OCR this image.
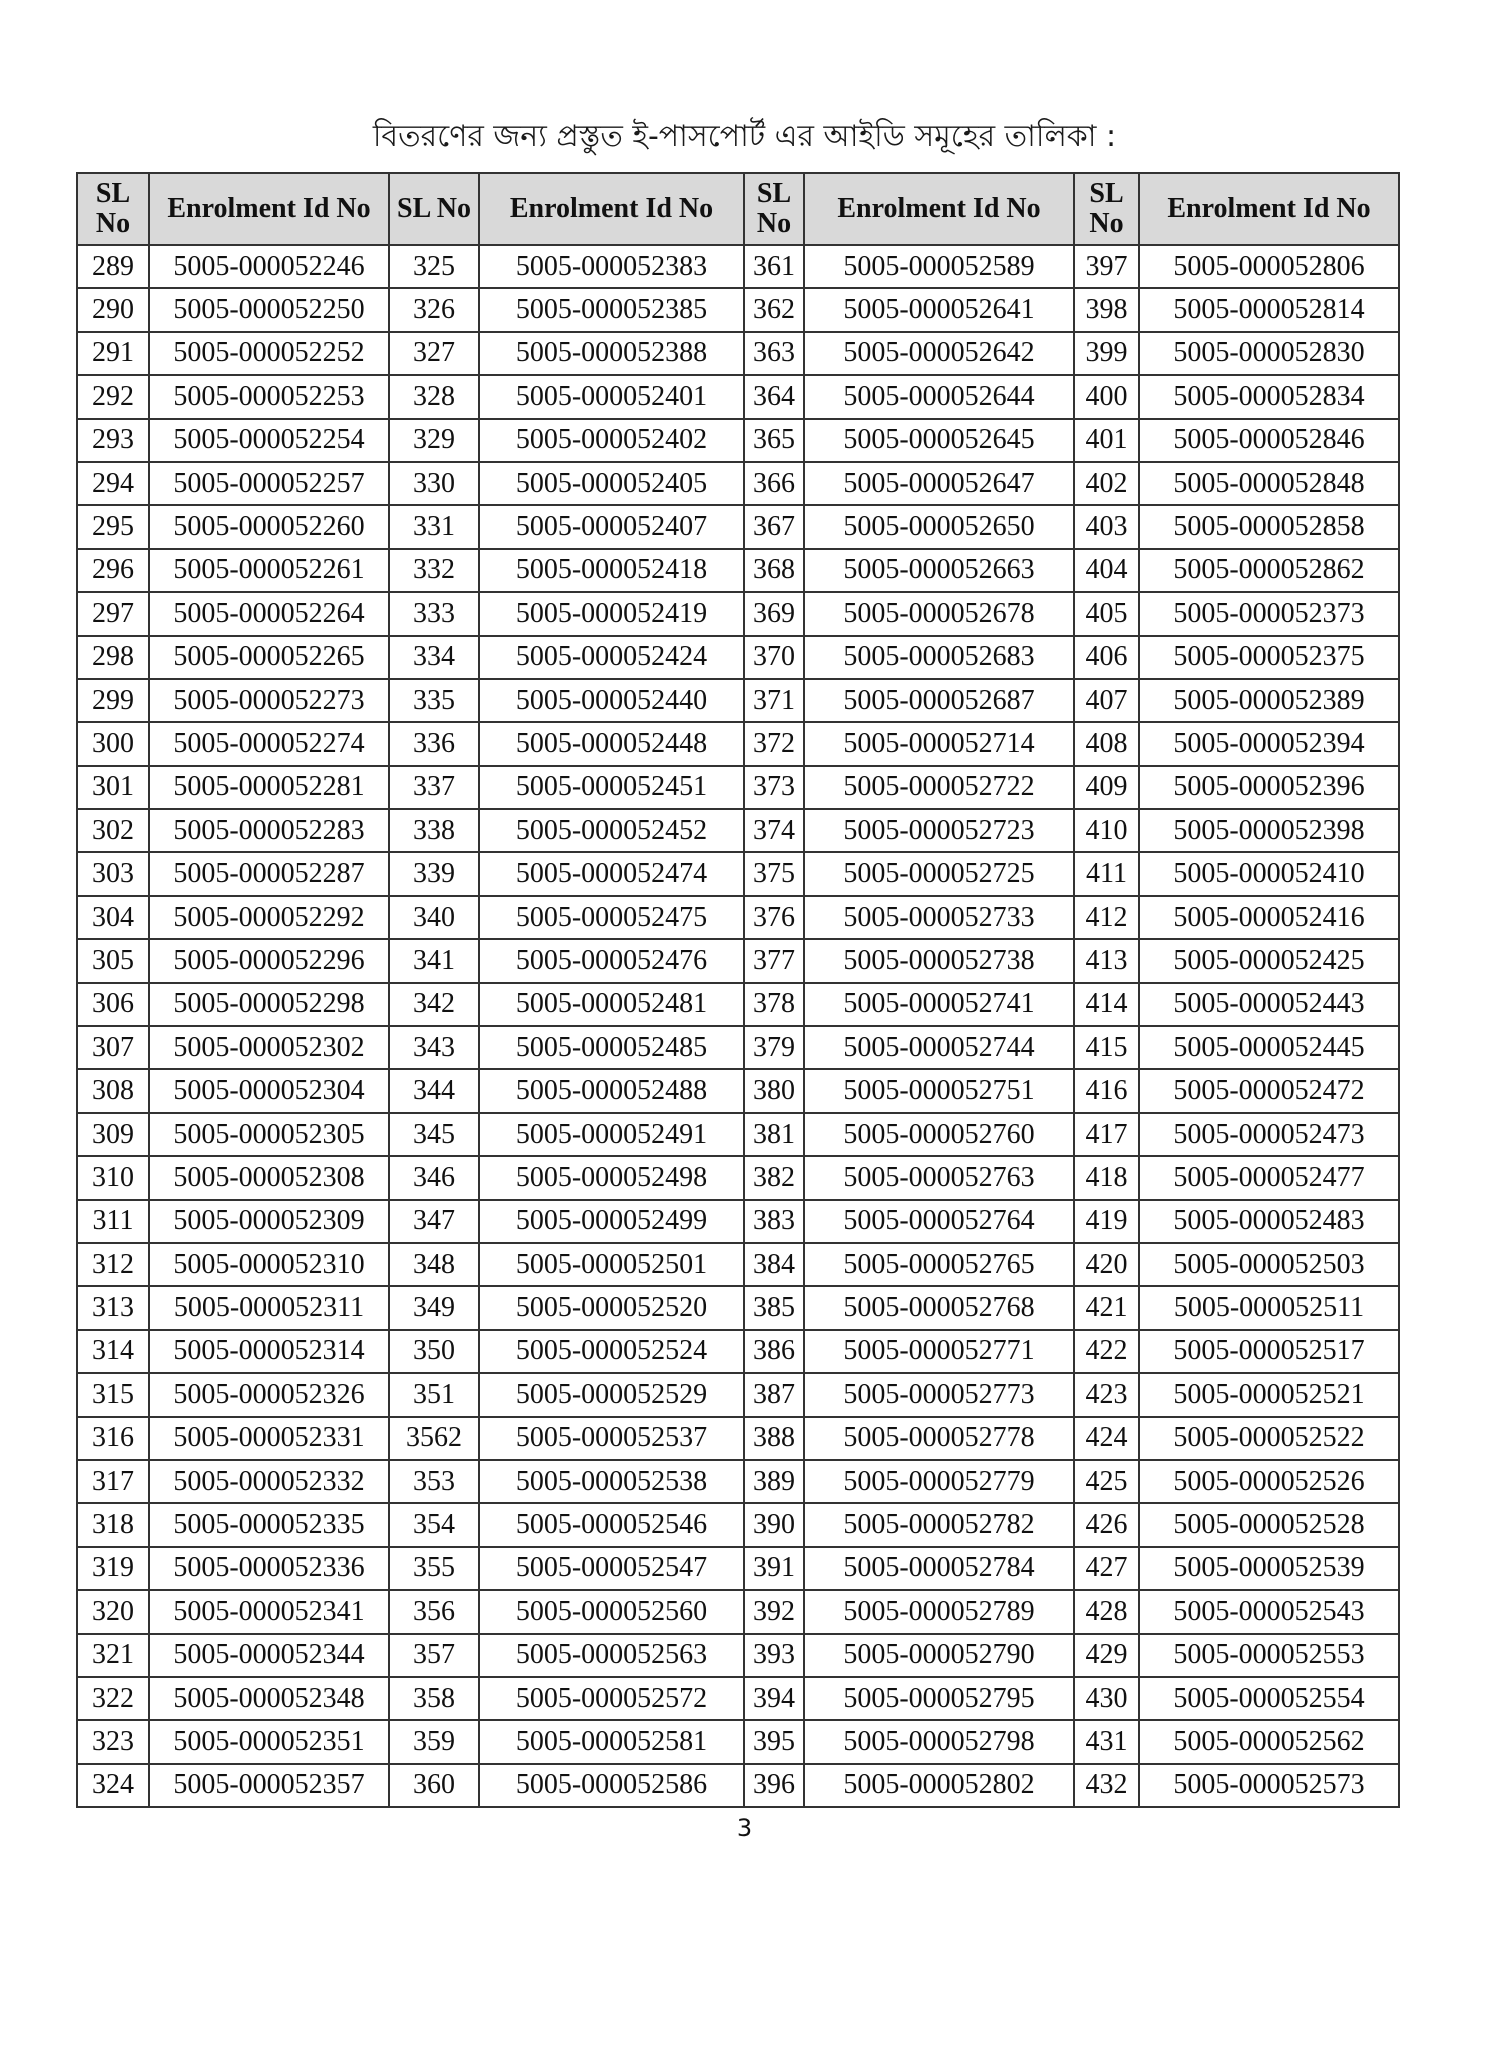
বিতরণের জন্য প্রস্তুত ই-পাসপোর্ট এর আইডি সমূহের তালিকা :
SL No	Enrolment Id No	SL No	Enrolment Id No	SL No	Enrolment Id No	SL No	Enrolment Id No
289	5005-000052246	325	5005-000052383	361	5005-000052589	397	5005-000052806
290	5005-000052250	326	5005-000052385	362	5005-000052641	398	5005-000052814
291	5005-000052252	327	5005-000052388	363	5005-000052642	399	5005-000052830
292	5005-000052253	328	5005-000052401	364	5005-000052644	400	5005-000052834
293	5005-000052254	329	5005-000052402	365	5005-000052645	401	5005-000052846
294	5005-000052257	330	5005-000052405	366	5005-000052647	402	5005-000052848
295	5005-000052260	331	5005-000052407	367	5005-000052650	403	5005-000052858
296	5005-000052261	332	5005-000052418	368	5005-000052663	404	5005-000052862
297	5005-000052264	333	5005-000052419	369	5005-000052678	405	5005-000052373
298	5005-000052265	334	5005-000052424	370	5005-000052683	406	5005-000052375
299	5005-000052273	335	5005-000052440	371	5005-000052687	407	5005-000052389
300	5005-000052274	336	5005-000052448	372	5005-000052714	408	5005-000052394
301	5005-000052281	337	5005-000052451	373	5005-000052722	409	5005-000052396
302	5005-000052283	338	5005-000052452	374	5005-000052723	410	5005-000052398
303	5005-000052287	339	5005-000052474	375	5005-000052725	411	5005-000052410
304	5005-000052292	340	5005-000052475	376	5005-000052733	412	5005-000052416
305	5005-000052296	341	5005-000052476	377	5005-000052738	413	5005-000052425
306	5005-000052298	342	5005-000052481	378	5005-000052741	414	5005-000052443
307	5005-000052302	343	5005-000052485	379	5005-000052744	415	5005-000052445
308	5005-000052304	344	5005-000052488	380	5005-000052751	416	5005-000052472
309	5005-000052305	345	5005-000052491	381	5005-000052760	417	5005-000052473
310	5005-000052308	346	5005-000052498	382	5005-000052763	418	5005-000052477
311	5005-000052309	347	5005-000052499	383	5005-000052764	419	5005-000052483
312	5005-000052310	348	5005-000052501	384	5005-000052765	420	5005-000052503
313	5005-000052311	349	5005-000052520	385	5005-000052768	421	5005-000052511
314	5005-000052314	350	5005-000052524	386	5005-000052771	422	5005-000052517
315	5005-000052326	351	5005-000052529	387	5005-000052773	423	5005-000052521
316	5005-000052331	3562	5005-000052537	388	5005-000052778	424	5005-000052522
317	5005-000052332	353	5005-000052538	389	5005-000052779	425	5005-000052526
318	5005-000052335	354	5005-000052546	390	5005-000052782	426	5005-000052528
319	5005-000052336	355	5005-000052547	391	5005-000052784	427	5005-000052539
320	5005-000052341	356	5005-000052560	392	5005-000052789	428	5005-000052543
321	5005-000052344	357	5005-000052563	393	5005-000052790	429	5005-000052553
322	5005-000052348	358	5005-000052572	394	5005-000052795	430	5005-000052554
323	5005-000052351	359	5005-000052581	395	5005-000052798	431	5005-000052562
324	5005-000052357	360	5005-000052586	396	5005-000052802	432	5005-000052573
3
